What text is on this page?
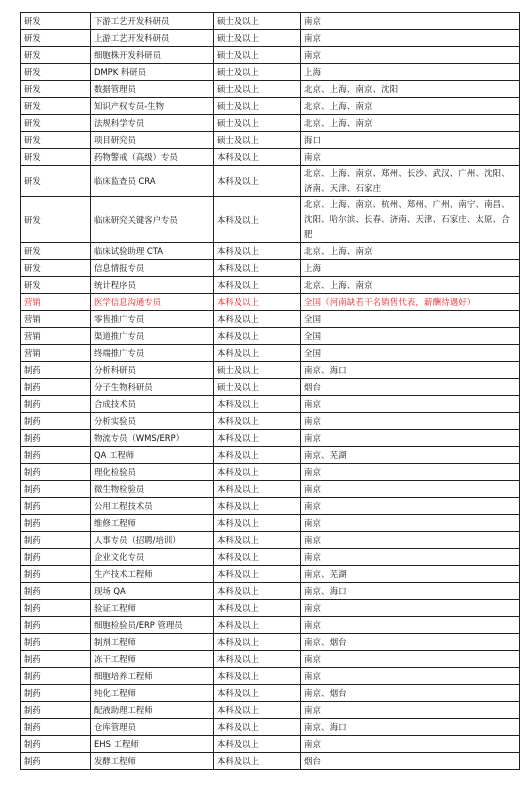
研发	下游工艺开发科研员	硕士及以上	南京
研发	上游工艺开发科研员	硕士及以上	南京
研发	细胞株开发科研员	硕士及以上	南京
研发	DMPK 科研员	硕士及以上	上海
研发	数据管理员	硕士及以上	北京、上海、南京、沈阳
研发	知识产权专员-生物	硕士及以上	北京、上海、南京
研发	法规科学专员	硕士及以上	北京、上海、南京
研发	项目研究员	硕士及以上	海口
研发	药物警戒（高级）专员	本科及以上	南京
研发	临床监查员 CRA	本科及以上	北京、上海、南京、郑州、长沙、武汉、广州、沈阳、济南、天津、石家庄
研发	临床研究关键客户专员	本科及以上	北京、上海、南京、杭州、郑州、广州、南宁、南昌、沈阳、哈尔滨、长春、济南、天津、石家庄、太原、合肥
研发	临床试验助理 CTA	本科及以上	北京、上海、南京
研发	信息情报专员	本科及以上	上海
研发	统计程序员	本科及以上	北京、上海、南京
营销	医学信息沟通专员	本科及以上	全国（河南缺若干名销售代表，薪酬待遇好）
营销	零售推广专员	本科及以上	全国
营销	渠道推广专员	本科及以上	全国
营销	终端推广专员	本科及以上	全国
制药	分析科研员	硕士及以上	南京、海口
制药	分子生物科研员	硕士及以上	烟台
制药	合成技术员	本科及以上	南京
制药	分析实验员	本科及以上	南京
制药	物流专员（WMS/ERP）	本科及以上	南京
制药	QA 工程师	本科及以上	南京、芜湖
制药	理化检验员	本科及以上	南京
制药	微生物检验员	本科及以上	南京
制药	公用工程技术员	本科及以上	南京
制药	维修工程师	本科及以上	南京
制药	人事专员（招聘/培训）	本科及以上	南京
制药	企业文化专员	本科及以上	南京
制药	生产技术工程师	本科及以上	南京、芜湖
制药	现场 QA	本科及以上	南京、海口
制药	验证工程师	本科及以上	南京
制药	细胞检验员/ERP 管理员	本科及以上	南京
制药	制剂工程师	本科及以上	南京、烟台
制药	冻干工程师	本科及以上	南京
制药	细胞培养工程师	本科及以上	南京
制药	纯化工程师	本科及以上	南京、烟台
制药	配液助理工程师	本科及以上	南京
制药	仓库管理员	本科及以上	南京、海口
制药	EHS 工程师	本科及以上	南京
制药	发酵工程师	本科及以上	烟台
